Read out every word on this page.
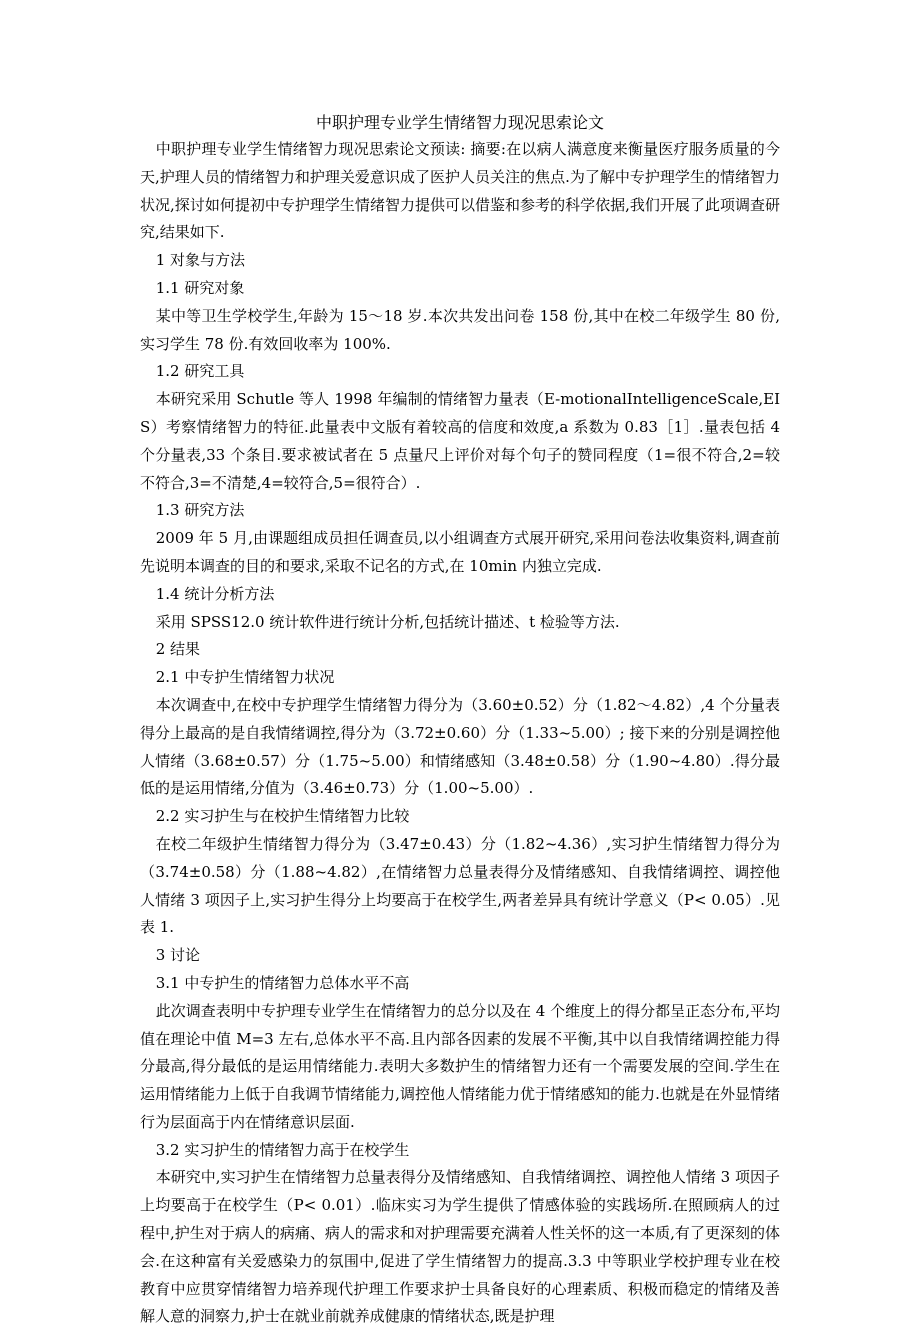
中职护理专业学生情绪智力现况思索论文

中职护理专业学生情绪智力现况思索论文预读: 摘要:在以病人满意度来衡量医疗服务质量的今天,护理人员的情绪智力和护理关爱意识成了医护人员关注的焦点.为了解中专护理学生的情绪智力状况,探讨如何提初中专护理学生情绪智力提供可以借鉴和参考的科学依据,我们开展了此项调查研究,结果如下.

1 对象与方法

1.1 研究对象

某中等卫生学校学生,年龄为 15～18 岁.本次共发出问卷 158 份,其中在校二年级学生 80 份,实习学生 78 份.有效回收率为 100%.

1.2 研究工具

本研究采用 Schutle 等人 1998 年编制的情绪智力量表（E-motionalIntelligenceScale,EIS）考察情绪智力的特征.此量表中文版有着较高的信度和效度,a 系数为 0.83［1］.量表包括 4 个分量表,33 个条目.要求被试者在 5 点量尺上评价对每个句子的赞同程度（1=很不符合,2=较不符合,3=不清楚,4=较符合,5=很符合）.

1.3 研究方法

2009 年 5 月,由课题组成员担任调查员,以小组调查方式展开研究,采用问卷法收集资料,调查前先说明本调查的目的和要求,采取不记名的方式,在 10min 内独立完成.

1.4 统计分析方法

采用 SPSS12.0 统计软件进行统计分析,包括统计描述、t 检验等方法.

2 结果

2.1 中专护生情绪智力状况

本次调查中,在校中专护理学生情绪智力得分为（3.60±0.52）分（1.82～4.82）,4 个分量表得分上最高的是自我情绪调控,得分为（3.72±0.60）分（1.33~5.00）; 接下来的分别是调控他人情绪（3.68±0.57）分（1.75~5.00）和情绪感知（3.48±0.58）分（1.90~4.80）.得分最低的是运用情绪,分值为（3.46±0.73）分（1.00~5.00）.

2.2 实习护生与在校护生情绪智力比较

在校二年级护生情绪智力得分为（3.47±0.43）分（1.82~4.36）,实习护生情绪智力得分为（3.74±0.58）分（1.88~4.82）,在情绪智力总量表得分及情绪感知、自我情绪调控、调控他人情绪 3 项因子上,实习护生得分上均要高于在校学生,两者差异具有统计学意义（P< 0.05）.见表 1.

3 讨论

3.1 中专护生的情绪智力总体水平不高

此次调查表明中专护理专业学生在情绪智力的总分以及在 4 个维度上的得分都呈正态分布,平均值在理论中值 M=3 左右,总体水平不高.且内部各因素的发展不平衡,其中以自我情绪调控能力得分最高,得分最低的是运用情绪能力.表明大多数护生的情绪智力还有一个需要发展的空间.学生在运用情绪能力上低于自我调节情绪能力,调控他人情绪能力优于情绪感知的能力.也就是在外显情绪行为层面高于内在情绪意识层面.

3.2 实习护生的情绪智力高于在校学生

本研究中,实习护生在情绪智力总量表得分及情绪感知、自我情绪调控、调控他人情绪 3 项因子上均要高于在校学生（P< 0.01）.临床实习为学生提供了情感体验的实践场所.在照顾病人的过程中,护生对于病人的病痛、病人的需求和对护理需要充满着人性关怀的这一本质,有了更深刻的体会.在这种富有关爱感染力的氛围中,促进了学生情绪智力的提高.3.3 中等职业学校护理专业在校教育中应贯穿情绪智力培养现代护理工作要求护士具备良好的心理素质、积极而稳定的情绪及善解人意的洞察力,护士在就业前就养成健康的情绪状态,既是护理
